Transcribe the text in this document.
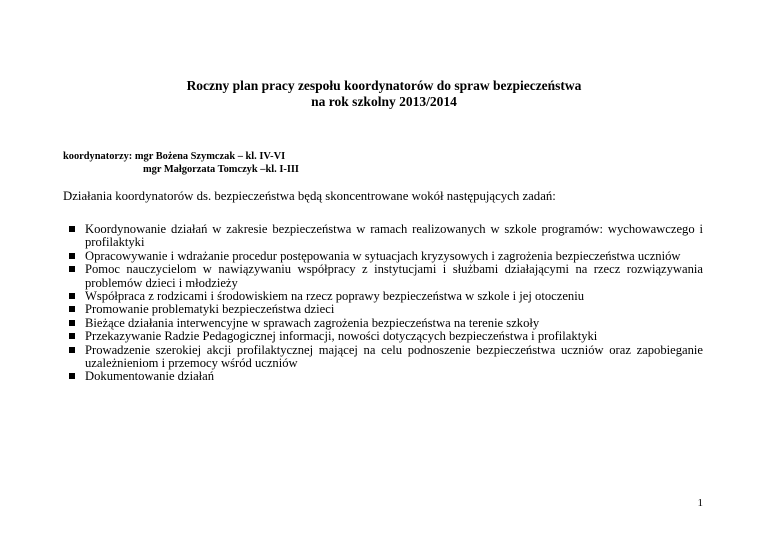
Roczny plan pracy zespołu koordynatorów do spraw bezpieczeństwa
na rok szkolny 2013/2014
koordynatorzy: mgr Bożena Szymczak – kl. IV-VI
mgr Małgorzata Tomczyk –kl. I-III
Działania koordynatorów ds. bezpieczeństwa będą skoncentrowane wokół następujących zadań:
Koordynowanie działań w zakresie bezpieczeństwa w ramach realizowanych w szkole programów: wychowawczego i profilaktyki
Opracowywanie i wdrażanie procedur postępowania w sytuacjach kryzysowych i zagrożenia bezpieczeństwa uczniów
Pomoc nauczycielom w nawiązywaniu współpracy z instytucjami i służbami działającymi na rzecz rozwiązywania problemów dzieci i młodzieży
Współpraca z rodzicami i środowiskiem na rzecz poprawy bezpieczeństwa w szkole i jej otoczeniu
Promowanie problematyki bezpieczeństwa dzieci
Bieżące działania interwencyjne w sprawach zagrożenia bezpieczeństwa na terenie szkoły
Przekazywanie Radzie Pedagogicznej informacji, nowości dotyczących bezpieczeństwa i profilaktyki
Prowadzenie szerokiej akcji profilaktycznej mającej na celu podnoszenie bezpieczeństwa uczniów oraz zapobieganie uzależnieniom i przemocy wśród uczniów
Dokumentowanie działań
1
